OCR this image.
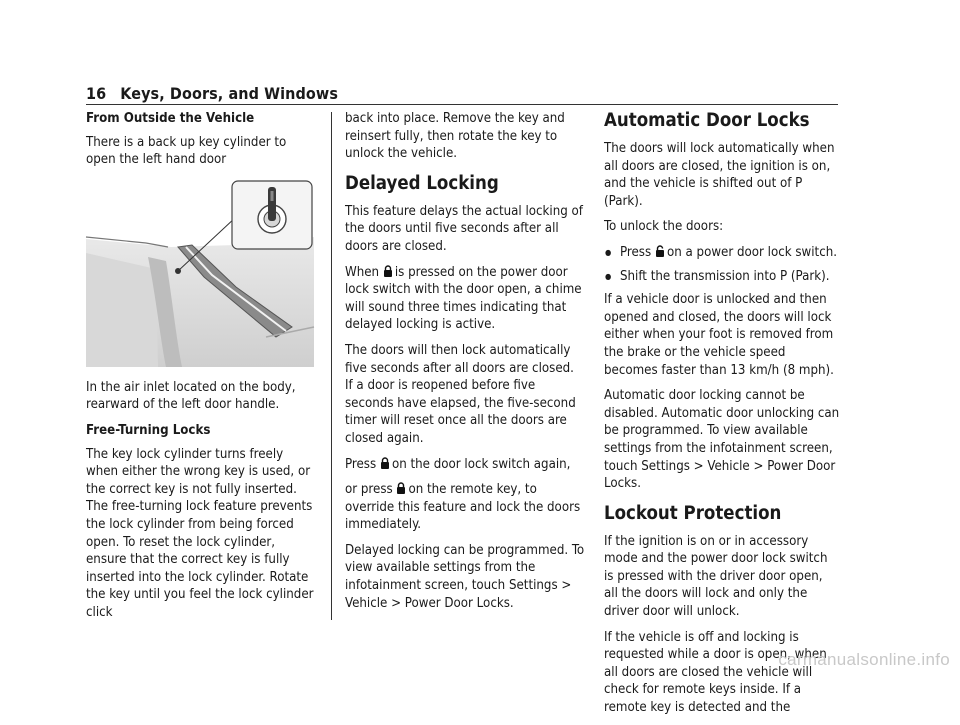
16 Keys, Doors, and Windows

From Outside the Vehicle

There is a back up key cylinder to open the left hand door

In the air inlet located on the body, rearward of the left door handle.

Free-Turning Locks

The key lock cylinder turns freely when either the wrong key is used, or the correct key is not fully inserted. The free-turning lock feature prevents the lock cylinder from being forced open. To reset the lock cylinder, ensure that the correct key is fully inserted into the lock cylinder. Rotate the key until you feel the lock cylinder click

back into place. Remove the key and reinsert fully, then rotate the key to unlock the vehicle.

Delayed Locking

This feature delays the actual locking of the doors until five seconds after all doors are closed.

When is pressed on the power door lock switch with the door open, a chime will sound three times indicating that delayed locking is active.

The doors will then lock automatically five seconds after all doors are closed. If a door is reopened before five seconds have elapsed, the five-second timer will reset once all the doors are closed again.

Press on the door lock switch again,

or press on the remote key, to override this feature and lock the doors immediately.

Delayed locking can be programmed. To view available settings from the infotainment screen, touch Settings > Vehicle > Power Door Locks.

Automatic Door Locks

The doors will lock automatically when all doors are closed, the ignition is on, and the vehicle is shifted out of P (Park).

To unlock the doors:

● Press on a power door lock switch.
● Shift the transmission into P (Park).

If a vehicle door is unlocked and then opened and closed, the doors will lock either when your foot is removed from the brake or the vehicle speed becomes faster than 13 km/h (8 mph).

Automatic door locking cannot be disabled. Automatic door unlocking can be programmed. To view available settings from the infotainment screen, touch Settings > Vehicle > Power Door Locks.

Lockout Protection

If the ignition is on or in accessory mode and the power door lock switch is pressed with the driver door open, all the doors will lock and only the driver door will unlock.

If the vehicle is off and locking is requested while a door is open, when all doors are closed the vehicle will check for remote keys inside. If a remote key is detected and the

carmanualsonline.info
